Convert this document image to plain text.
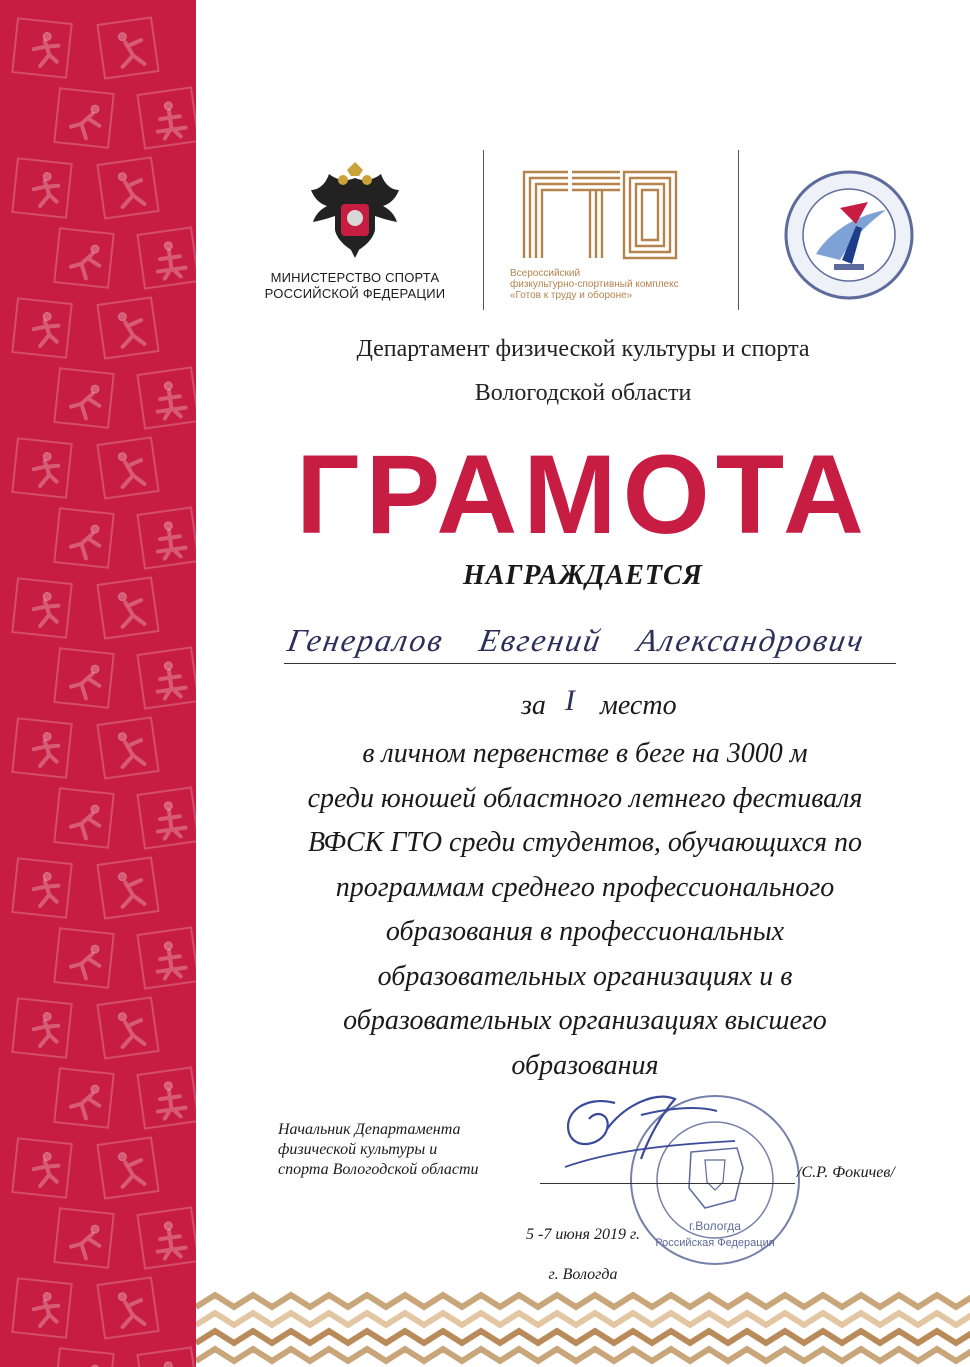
МИНИСТЕРСТВО СПОРТА
РОССИЙСКОЙ ФЕДЕРАЦИИ
Всероссийский
физкультурно-спортивный комплекс
«Готов к труду и обороне»
Департамент физической культуры и спорта
Вологодской области
ГРАМОТА
НАГРАЖДАЕТСЯ
Генералов Евгений Александрович
за I место
в личном первенстве в беге на 3000 м
среди юношей областного летнего фестиваля
ВФСК ГТО среди студентов, обучающихся по
программам среднего профессионального
образования в профессиональных
образовательных организациях и в
образовательных организациях высшего
образования
Начальник Департамента
физической культуры и
спорта Вологодской области
г.Вологда
Российская Федерация
/С.Р. Фокичев/
5 -7 июня 2019 г.
г. Вологда
